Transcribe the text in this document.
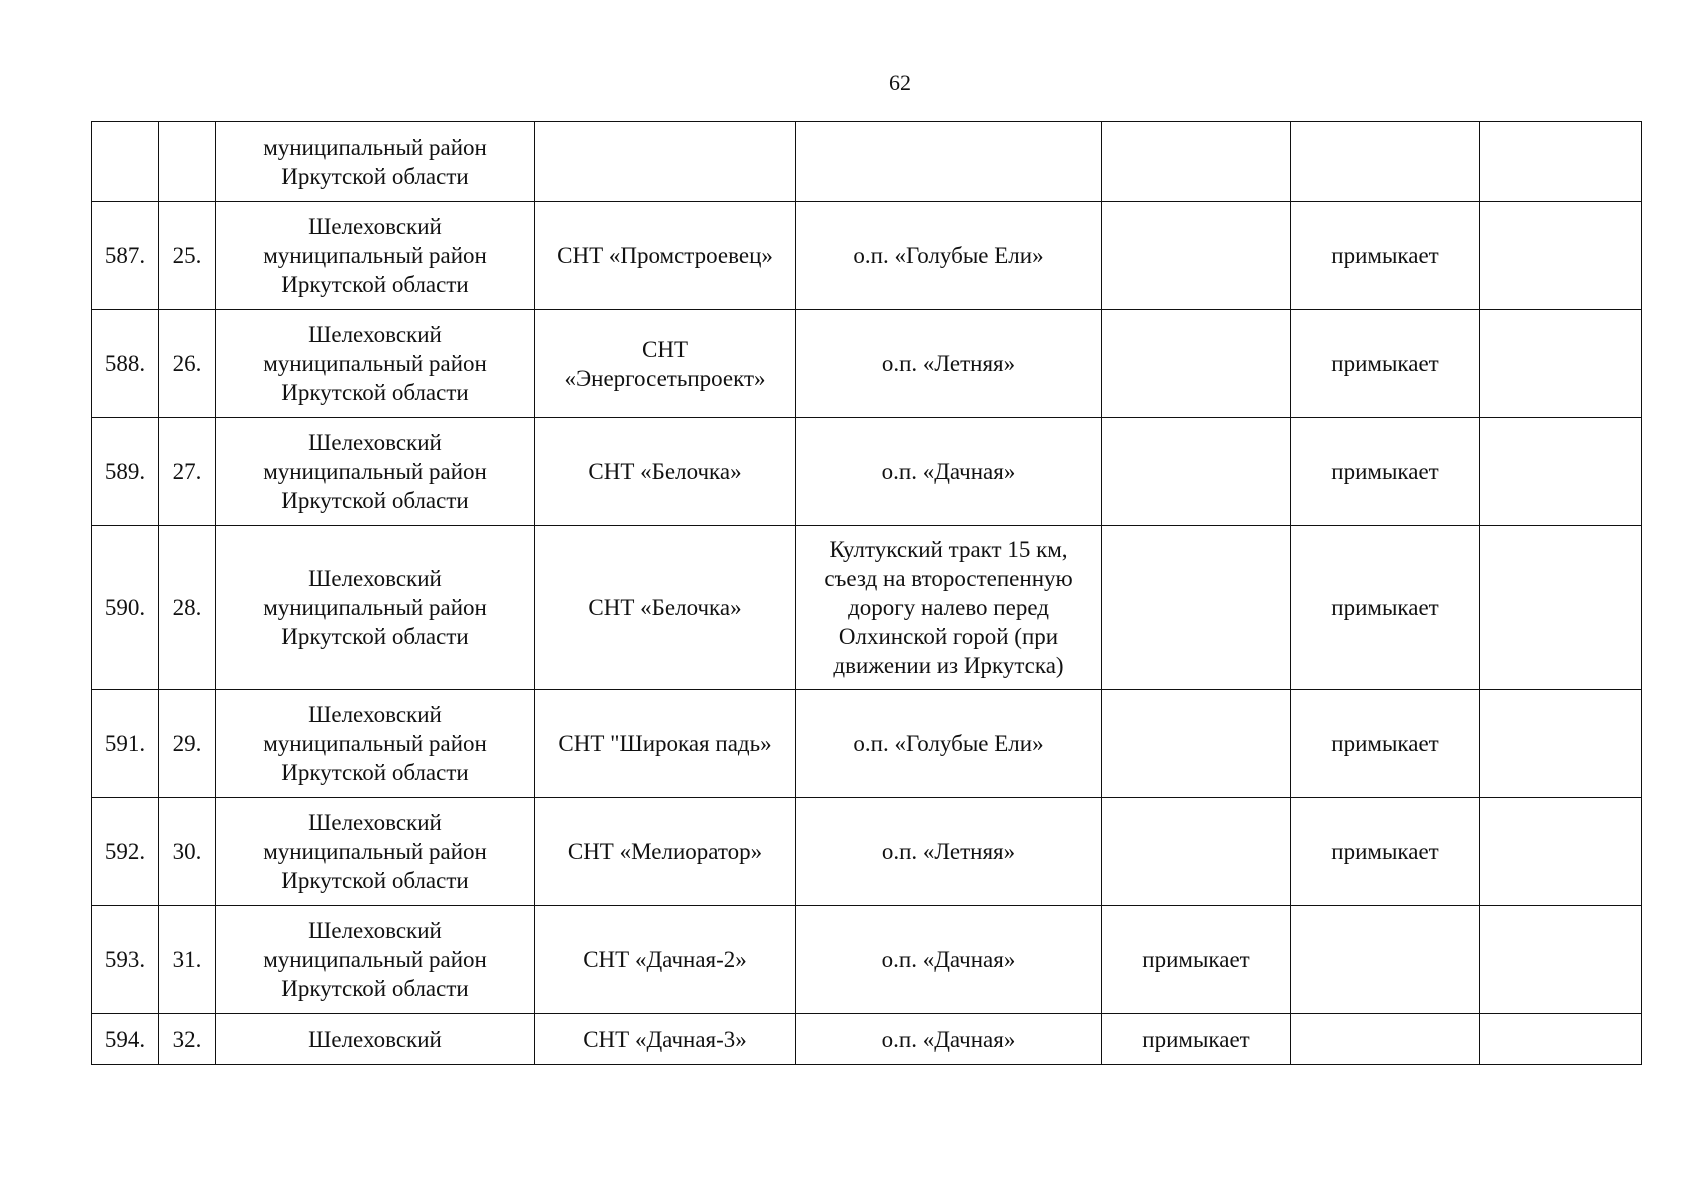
62

		муниципальный район
Иркутской области					

587.	25.	Шелеховский
муниципальный район
Иркутской области	СНТ «Промстроевец»	о.п. «Голубые Ели»		примыкает	
588.	26.	Шелеховский
муниципальный район
Иркутской области	СНТ
«Энергосетьпроект»	о.п. «Летняя»		примыкает	
589.	27.	Шелеховский
муниципальный район
Иркутской области	СНТ «Белочка»	о.п. «Дачная»		примыкает	
590.	28.	Шелеховский
муниципальный район
Иркутской области	СНТ «Белочка»	Култукский тракт 15 км,
съезд на второстепенную
дорогу налево перед
Олхинской горой (при
движении из Иркутска)		примыкает	
591.	29.	Шелеховский
муниципальный район
Иркутской области	СНТ "Широкая падь»	о.п. «Голубые Ели»		примыкает	
592.	30.	Шелеховский
муниципальный район
Иркутской области	СНТ «Мелиоратор»	о.п. «Летняя»		примыкает	
593.	31.	Шелеховский
муниципальный район
Иркутской области	СНТ «Дачная-2»	о.п. «Дачная»	примыкает		
594.	32.	Шелеховский	СНТ «Дачная-3»	о.п. «Дачная»	примыкает		
